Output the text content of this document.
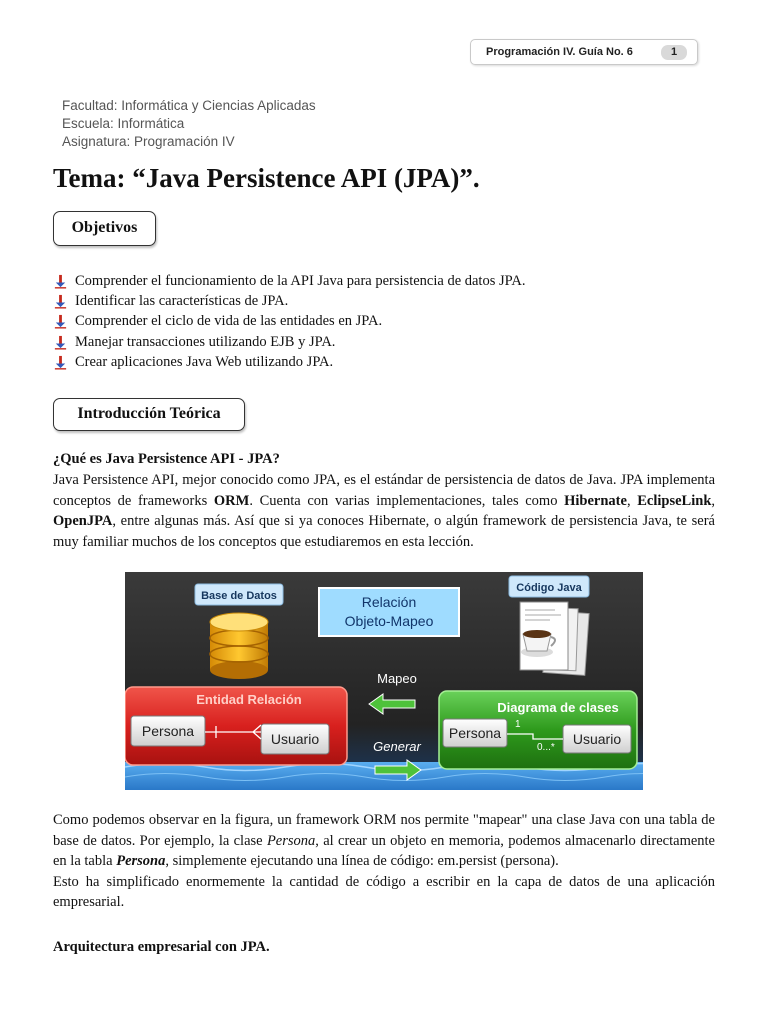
Programación IV. Guía No. 6	1
Facultad: Informática y Ciencias Aplicadas
Escuela: Informática
Asignatura: Programación IV
Tema: “Java Persistence API (JPA)”.
Objetivos
Comprender el funcionamiento de la API Java para persistencia de datos JPA.
Identificar las características de JPA.
Comprender el ciclo de vida de las entidades en JPA.
Manejar transacciones utilizando EJB y JPA.
Crear aplicaciones Java Web utilizando JPA.
Introducción Teórica
¿Qué es Java Persistence API - JPA?
Java Persistence API, mejor conocido como JPA, es el estándar de persistencia de datos de Java. JPA implementa conceptos de frameworks ORM. Cuenta con varias implementaciones, tales como Hibernate, EclipseLink, OpenJPA, entre algunas más. Así que si ya conoces Hibernate, o algún framework de persistencia Java, te será muy familiar muchos de los conceptos que estudiaremos en esta lección.
Base de Datos	Relación
Objeto-Mapeo
Código Java
Mapeo
Generar
Entidad Relación
Persona	Usuario
Diagrama de clases
Persona	Usuario
1
0...*
Como podemos observar en la figura, un framework ORM nos permite "mapear" una clase Java con una tabla de base de datos. Por ejemplo, la clase Persona, al crear un objeto en memoria, podemos almacenarlo directamente en la tabla Persona, simplemente ejecutando una línea de código: em.persist (persona).
Esto ha simplificado enormemente la cantidad de código a escribir en la capa de datos de una aplicación empresarial.
Arquitectura empresarial con JPA.
